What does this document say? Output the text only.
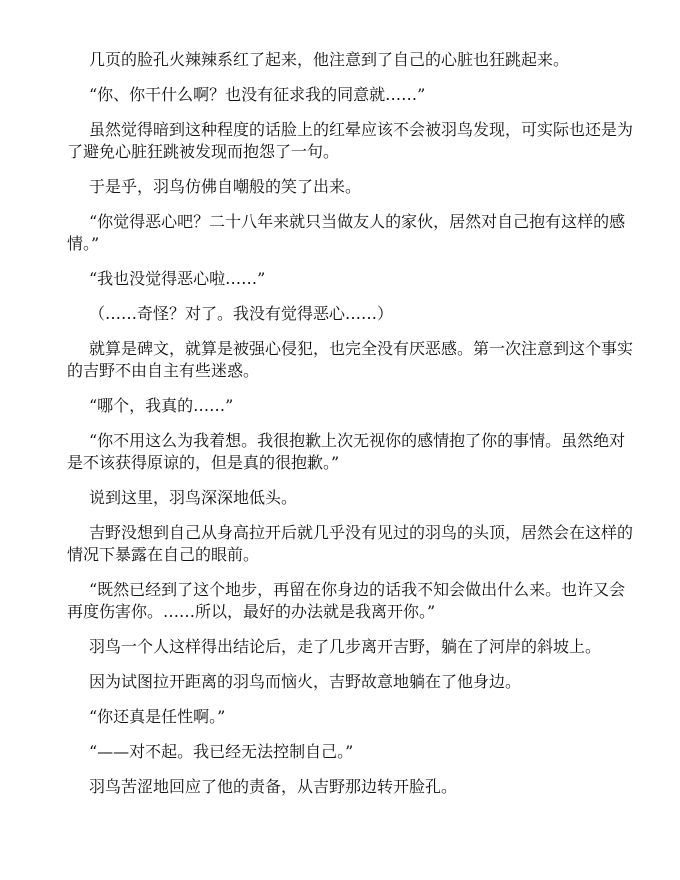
几页的脸孔火辣辣系红了起来，他注意到了自己的心脏也狂跳起来。

“你、你干什么啊？也没有征求我的同意就……”

虽然觉得暗到这种程度的话脸上的红晕应该不会被羽鸟发现，可实际也还是为
了避免心脏狂跳被发现而抱怨了一句。

于是乎，羽鸟仿佛自嘲般的笑了出来。

“你觉得恶心吧？二十八年来就只当做友人的家伙，居然对自己抱有这样的感
情。”

“我也没觉得恶心啦……”

（……奇怪？对了。我没有觉得恶心……）

就算是碑文，就算是被强心侵犯，也完全没有厌恶感。第一次注意到这个事实
的吉野不由自主有些迷惑。

“哪个，我真的……”

“你不用这么为我着想。我很抱歉上次无视你的感情抱了你的事情。虽然绝对
是不该获得原谅的，但是真的很抱歉。”

说到这里，羽鸟深深地低头。

吉野没想到自己从身高拉开后就几乎没有见过的羽鸟的头顶，居然会在这样的
情况下暴露在自己的眼前。

“既然已经到了这个地步，再留在你身边的话我不知会做出什么来。也许又会
再度伤害你。……所以，最好的办法就是我离开你。”

羽鸟一个人这样得出结论后，走了几步离开吉野，躺在了河岸的斜坡上。

因为试图拉开距离的羽鸟而恼火，吉野故意地躺在了他身边。

“你还真是任性啊。”

“——对不起。我已经无法控制自己。”

羽鸟苦涩地回应了他的责备，从吉野那边转开脸孔。
